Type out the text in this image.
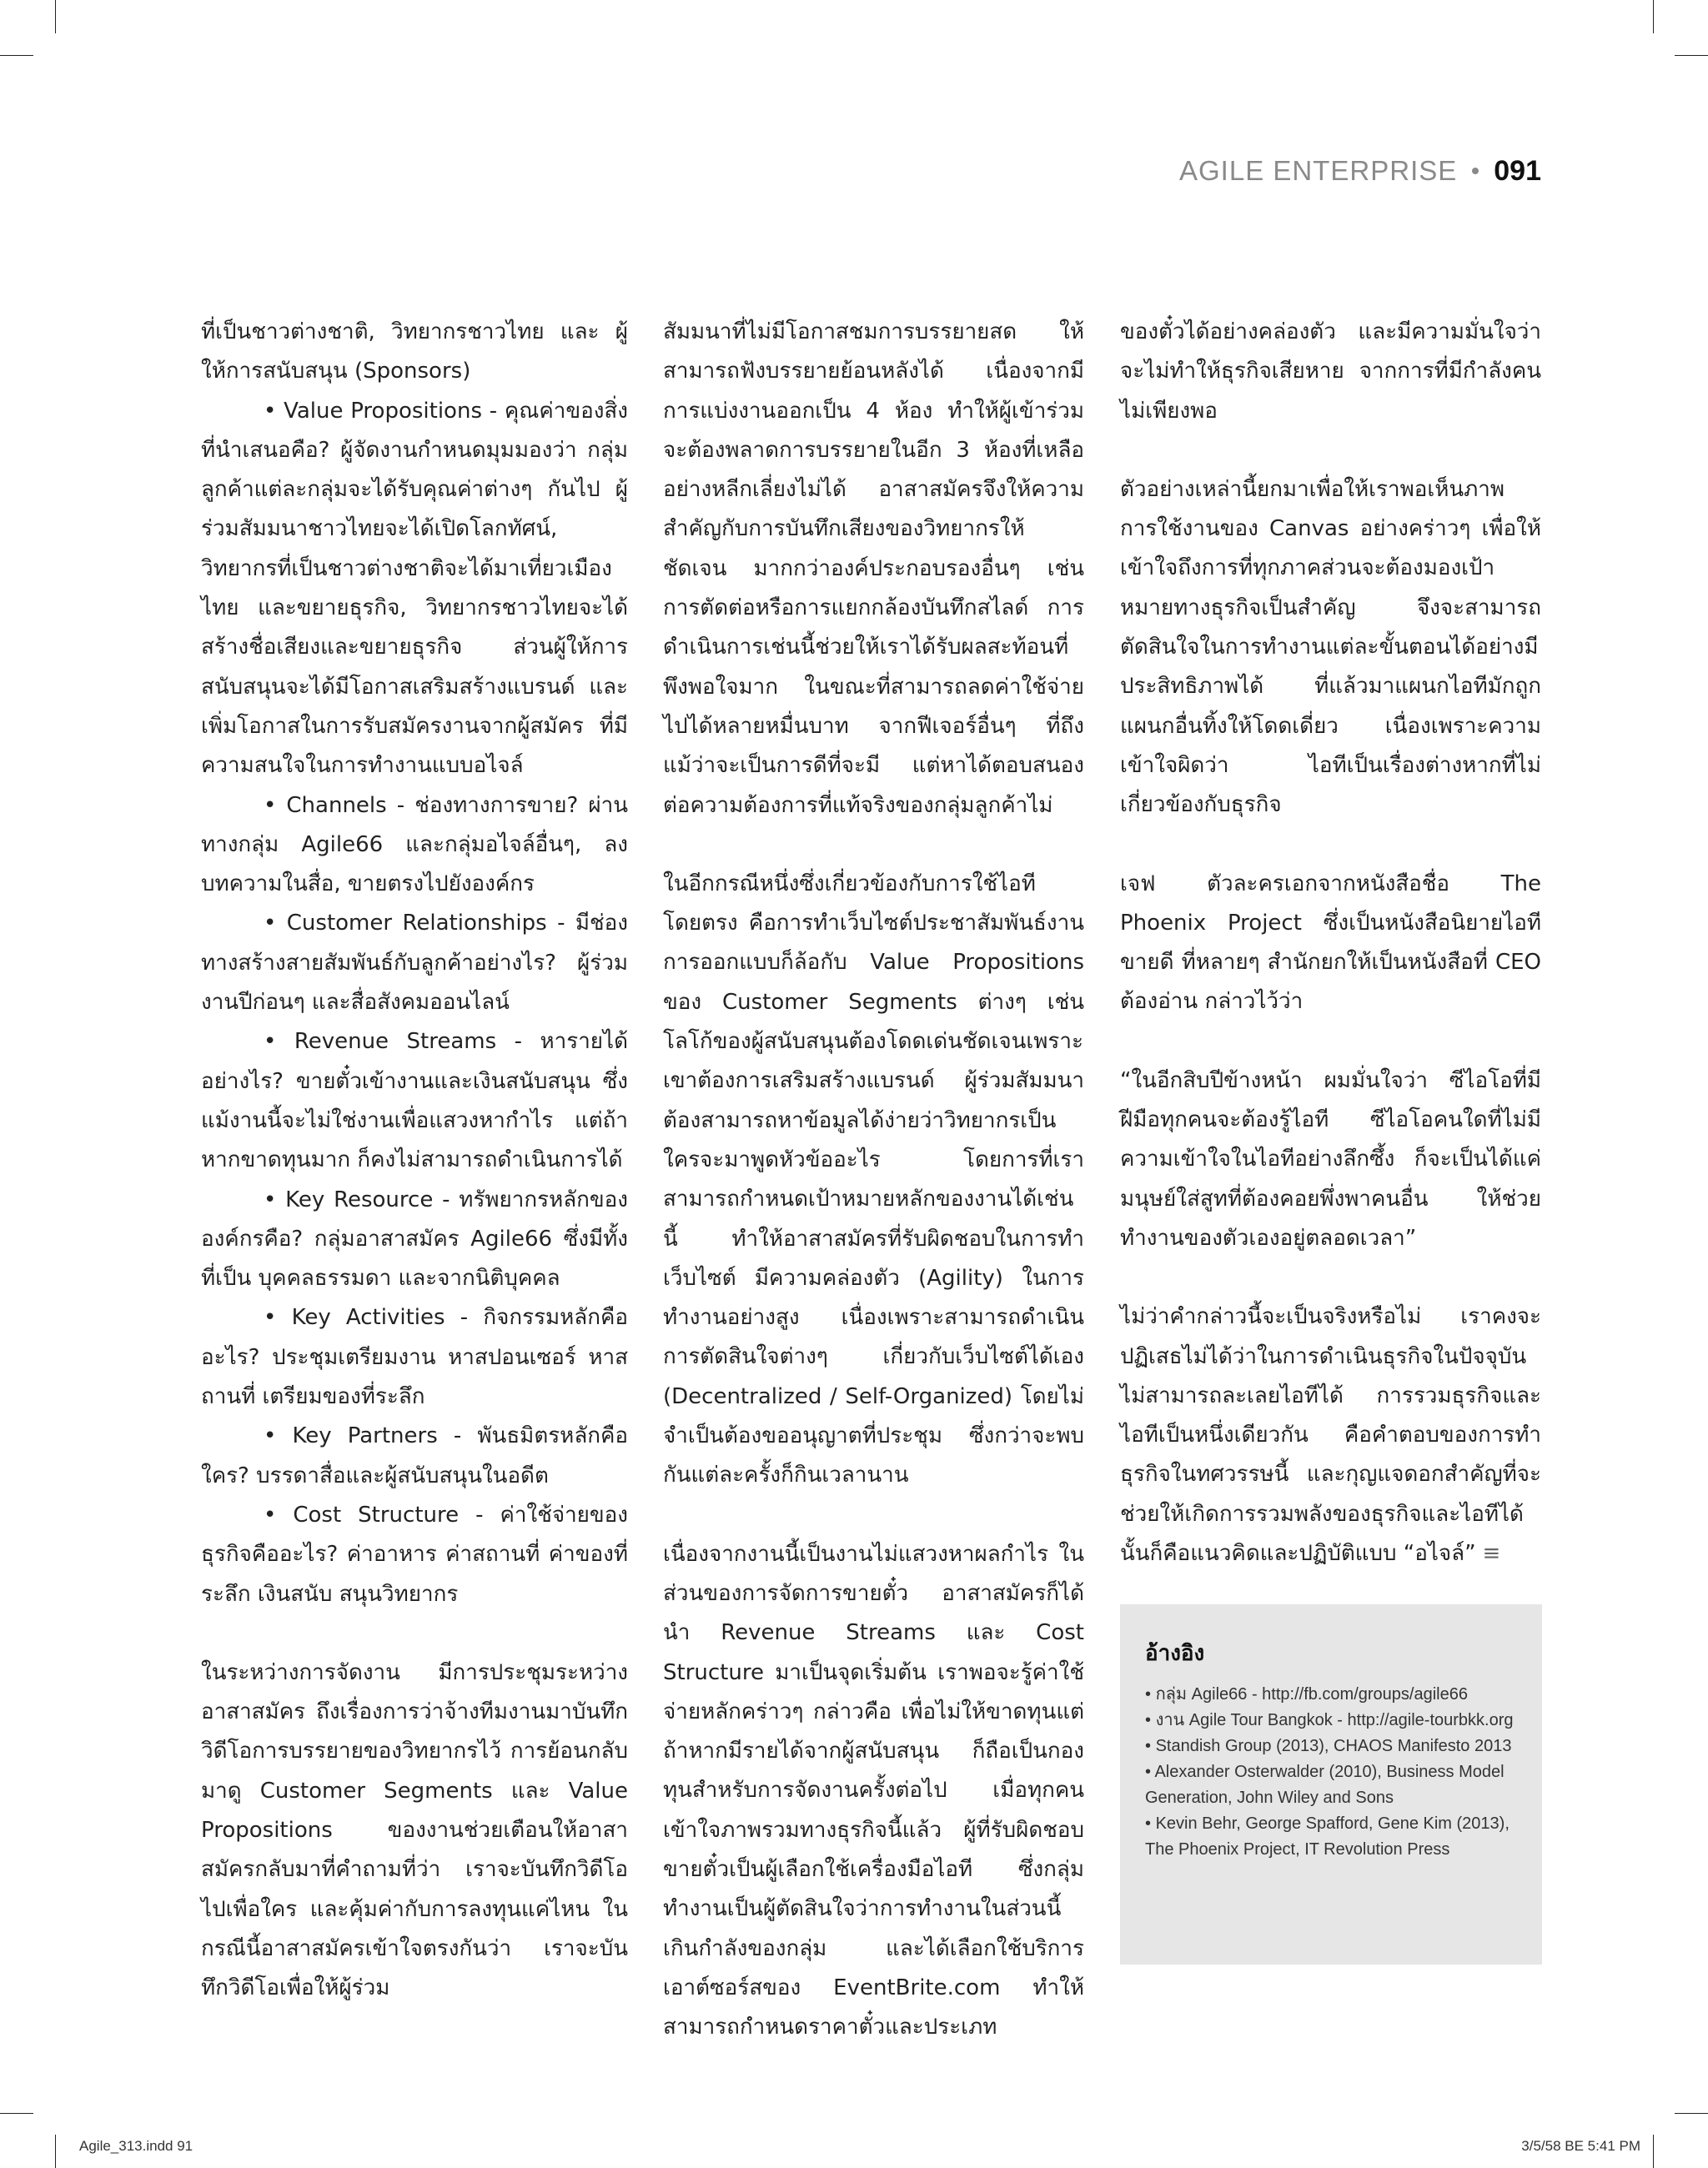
AGILE ENTERPRISE 091

ที่เป็นชาวต่างชาติ, วิทยากรชาวไทย และ ผู้ให้การสนับสนุน (Sponsors)

• Value Propositions - คุณค่าของสิ่งที่นำเสนอคือ? ผู้จัดงานกำหนดมุมมองว่า กลุ่มลูกค้าแต่ละกลุ่มจะได้รับคุณค่าต่างๆ กันไป ผู้ร่วมสัมมนาชาวไทยจะได้เปิดโลกทัศน์, วิทยากรที่เป็นชาวต่างชาติจะได้มาเที่ยวเมืองไทย และขยายธุรกิจ, วิทยากรชาวไทยจะได้สร้างชื่อเสียงและขยายธุรกิจ ส่วนผู้ให้การสนับสนุนจะได้มีโอกาสเสริมสร้างแบรนด์ และเพิ่มโอกาสในการรับสมัครงานจากผู้สมัคร ที่มีความสนใจในการทำงานแบบอไจล์

• Channels - ช่องทางการขาย? ผ่านทางกลุ่ม Agile66 และกลุ่มอไจล์อื่นๆ, ลงบทความในสื่อ, ขายตรงไปยังองค์กร

• Customer Relationships - มีช่องทางสร้างสายสัมพันธ์กับลูกค้าอย่างไร? ผู้ร่วมงานปีก่อนๆ และสื่อสังคมออนไลน์

• Revenue Streams - หารายได้อย่างไร? ขายตั๋วเข้างานและเงินสนับสนุน ซึ่งแม้งานนี้จะไม่ใช่งานเพื่อแสวงหากำไร แต่ถ้าหากขาดทุนมาก ก็คงไม่สามารถดำเนินการได้

• Key Resource - ทรัพยากรหลักขององค์กรคือ? กลุ่มอาสาสมัคร Agile66 ซึ่งมีทั้งที่เป็น บุคคลธรรมดา และจากนิติบุคคล

• Key Activities - กิจกรรมหลักคืออะไร? ประชุมเตรียมงาน หาสปอนเซอร์ หาสถานที่ เตรียมของที่ระลึก

• Key Partners - พันธมิตรหลักคือใคร? บรรดาสื่อและผู้สนับสนุนในอดีต

• Cost Structure - ค่าใช้จ่ายของธุรกิจคืออะไร? ค่าอาหาร ค่าสถานที่ ค่าของที่ระลึก เงินสนับ สนุนวิทยากร

ในระหว่างการจัดงาน มีการประชุมระหว่างอาสาสมัคร ถึงเรื่องการว่าจ้างทีมงานมาบันทึกวิดีโอการบรรยายของวิทยากรไว้ การย้อนกลับมาดู Customer Segments และ Value Propositions ของงานช่วยเตือนให้อาสาสมัครกลับมาที่คำถามที่ว่า เราจะบันทึกวิดีโอไปเพื่อใคร และคุ้มค่ากับการลงทุนแค่ไหน ในกรณีนี้อาสาสมัครเข้าใจตรงกันว่า เราจะบันทึกวิดีโอเพื่อให้ผู้ร่วม

สัมมนาที่ไม่มีโอกาสชมการบรรยายสด ให้สามารถฟังบรรยายย้อนหลังได้ เนื่องจากมีการแบ่งงานออกเป็น 4 ห้อง ทำให้ผู้เข้าร่วมจะต้องพลาดการบรรยายในอีก 3 ห้องที่เหลือ อย่างหลีกเลี่ยงไม่ได้ อาสาสมัครจึงให้ความสำคัญกับการบันทึกเสียงของวิทยากรให้ชัดเจน มากกว่าองค์ประกอบรองอื่นๆ เช่น การตัดต่อหรือการแยกกล้องบันทึกสไลด์ การดำเนินการเช่นนี้ช่วยให้เราได้รับผลสะท้อนที่พึงพอใจมาก ในขณะที่สามารถลดค่าใช้จ่ายไปได้หลายหมื่นบาท จากฟีเจอร์อื่นๆ ที่ถึงแม้ว่าจะเป็นการดีที่จะมี แต่หาได้ตอบสนองต่อความต้องการที่แท้จริงของกลุ่มลูกค้าไม่

ในอีกกรณีหนึ่งซึ่งเกี่ยวข้องกับการใช้ไอทีโดยตรง คือการทำเว็บไซต์ประชาสัมพันธ์งาน การออกแบบก็ล้อกับ Value Propositions ของ Customer Segments ต่างๆ เช่น โลโก้ของผู้สนับสนุนต้องโดดเด่นชัดเจนเพราะเขาต้องการเสริมสร้างแบรนด์ ผู้ร่วมสัมมนาต้องสามารถหาข้อมูลได้ง่ายว่าวิทยากรเป็นใครจะมาพูดหัวข้ออะไร โดยการที่เราสามารถกำหนดเป้าหมายหลักของงานได้เช่นนี้ ทำให้อาสาสมัครที่รับผิดชอบในการทำเว็บไซต์ มีความคล่องตัว (Agility) ในการทำงานอย่างสูง เนื่องเพราะสามารถดำเนินการตัดสินใจต่างๆ เกี่ยวกับเว็บไซต์ได้เอง (Decentralized / Self-Organized) โดยไม่จำเป็นต้องขออนุญาตที่ประชุม ซึ่งกว่าจะพบกันแต่ละครั้งก็กินเวลานาน

เนื่องจากงานนี้เป็นงานไม่แสวงหาผลกำไร ในส่วนของการจัดการขายตั๋ว อาสาสมัครก็ได้นำ Revenue Streams และ Cost Structure มาเป็นจุดเริ่มต้น เราพอจะรู้ค่าใช้จ่ายหลักคร่าวๆ กล่าวคือ เพื่อไม่ให้ขาดทุนแต่ถ้าหากมีรายได้จากผู้สนับสนุน ก็ถือเป็นกองทุนสำหรับการจัดงานครั้งต่อไป เมื่อทุกคนเข้าใจภาพรวมทางธุรกิจนี้แล้ว ผู้ที่รับผิดชอบขายตั๋วเป็นผู้เลือกใช้เครื่องมือไอที ซึ่งกลุ่มทำงานเป็นผู้ตัดสินใจว่าการทำงานในส่วนนี้เกินกำลังของกลุ่ม และได้เลือกใช้บริการเอาต์ซอร์สของ EventBrite.com ทำให้สามารถกำหนดราคาตั๋วและประเภท

ของตั๋วได้อย่างคล่องตัว และมีความมั่นใจว่าจะไม่ทำให้ธุรกิจเสียหาย จากการที่มีกำลังคนไม่เพียงพอ

ตัวอย่างเหล่านี้ยกมาเพื่อให้เราพอเห็นภาพการใช้งานของ Canvas อย่างคร่าวๆ เพื่อให้เข้าใจถึงการที่ทุกภาคส่วนจะต้องมองเป้าหมายทางธุรกิจเป็นสำคัญ จึงจะสามารถตัดสินใจในการทำงานแต่ละขั้นตอนได้อย่างมีประสิทธิภาพได้ ที่แล้วมาแผนกไอทีมักถูกแผนกอื่นทิ้งให้โดดเดี่ยว เนื่องเพราะความเข้าใจผิดว่า ไอทีเป็นเรื่องต่างหากที่ไม่เกี่ยวข้องกับธุรกิจ

เจฟ ตัวละครเอกจากหนังสือชื่อ The Phoenix Project ซึ่งเป็นหนังสือนิยายไอทีขายดี ที่หลายๆ สำนักยกให้เป็นหนังสือที่ CEO ต้องอ่าน กล่าวไว้ว่า

“ในอีกสิบปีข้างหน้า ผมมั่นใจว่า ซีไอโอที่มีฝีมือทุกคนจะต้องรู้ไอที ซีไอโอคนใดที่ไม่มีความเข้าใจในไอทีอย่างลึกซึ้ง ก็จะเป็นได้แค่มนุษย์ใส่สูทที่ต้องคอยพึ่งพาคนอื่น ให้ช่วยทำงานของตัวเองอยู่ตลอดเวลา”

ไม่ว่าคำกล่าวนี้จะเป็นจริงหรือไม่ เราคงจะปฏิเสธไม่ได้ว่าในการดำเนินธุรกิจในปัจจุบันไม่สามารถละเลยไอทีได้ การรวมธุรกิจและไอทีเป็นหนึ่งเดียวกัน คือคำตอบของการทำธุรกิจในทศวรรษนี้ และกุญแจดอกสำคัญที่จะช่วยให้เกิดการรวมพลังของธุรกิจและไอทีได้นั้นก็คือแนวคิดและปฏิบัติแบบ “อไจล์” ≡

อ้างอิง
• กลุ่ม Agile66 - http://fb.com/groups/agile66
• งาน Agile Tour Bangkok - http://agile-tourbkk.org
• Standish Group (2013), CHAOS Manifesto 2013
• Alexander Osterwalder (2010), Business Model Generation, John Wiley and Sons
• Kevin Behr, George Spafford, Gene Kim (2013), The Phoenix Project, IT Revolution Press
Agile_313.indd 91	3/5/58 BE 5:41 PM
